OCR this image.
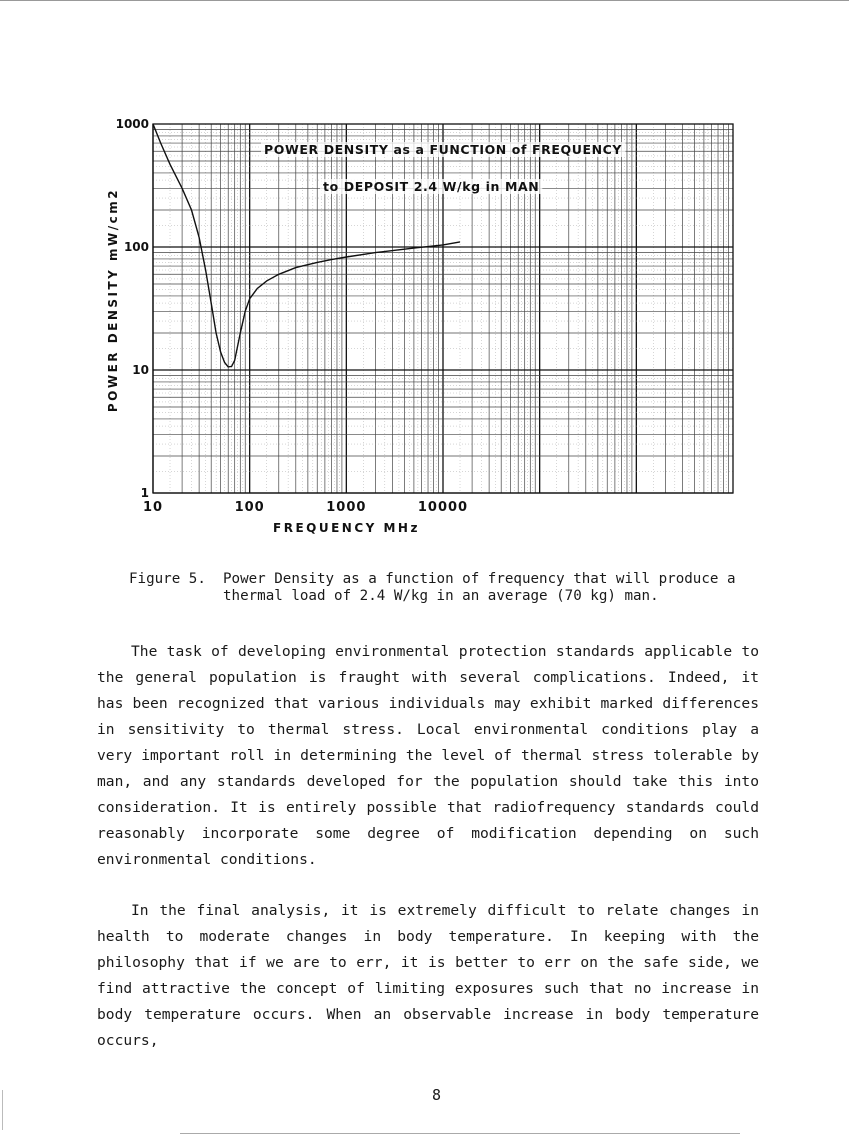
10	100	1000	10000
1
10
100
1000
POWER DENSITY as a FUNCTION of FREQUENCY
to DEPOSIT 2.4 W/kg in MAN
FREQUENCY MHz
POWER DENSITY mW/cm2
Figure 5. Power Density as a function of frequency that will produce a thermal load of 2.4 W/kg in an average (70 kg) man.
The task of developing environmental protection standards applicable to the general population is fraught with several complications. Indeed, it has been recognized that various individuals may exhibit marked differences in sensitivity to thermal stress. Local environmental conditions play a very important roll in determining the level of thermal stress tolerable by man, and any standards developed for the population should take this into consideration. It is entirely possible that radiofrequency standards could reasonably incorporate some degree of modification depending on such environmental conditions.
In the final analysis, it is extremely difficult to relate changes in health to moderate changes in body temperature. In keeping with the philosophy that if we are to err, it is better to err on the safe side, we find attractive the concept of limiting exposures such that no increase in body temperature occurs. When an observable increase in body temperature occurs,
8
